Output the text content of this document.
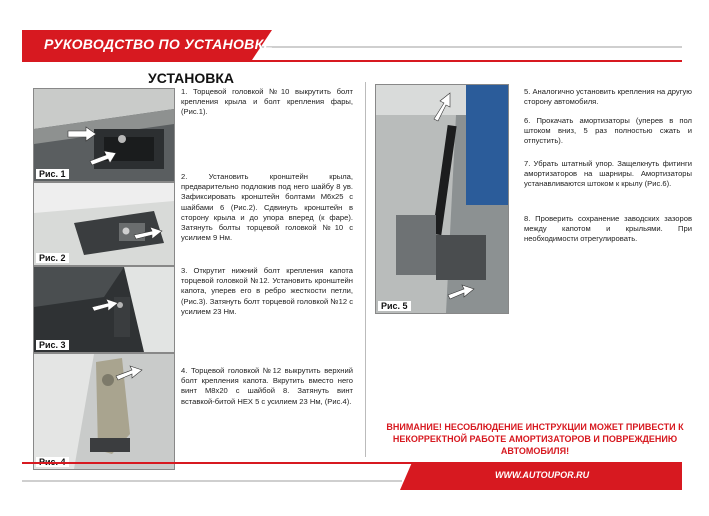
РУКОВОДСТВО ПО УСТАНОВКЕ
УСТАНОВКА
Рис. 1
Рис. 2
Рис. 3
Рис. 5
1. Торцевой головкой №10 выкрутить болт крепления крыла и болт крепления фары, (Рис.1).
2. Установить кронштейн крыла, предварительно подложив под него шайбу 8 ув. Зафиксировать кронштейн болтами М6х25 с шайбами 6 (Рис.2). Сдвинуть кронштейн в сторону крыла и до упора вперед (к фаре). Затянуть болты торцевой головкой №10 с усилием 9 Нм.
3. Открутит нижний болт крепления капота торцевой головкой №12. Установить кронштейн капота, уперев его в ребро жесткости петли, (Рис.3). Затянуть болт торцевой головкой №12 с усилием 23 Нм.
4. Торцевой головкой №12 выкрутить верхний болт крепления капота. Вкрутить вместо него винт М8х20 с шайбой 8. Затянуть винт вставкой-битой HEX 5 с усилием 23 Нм, (Рис.4).
5. Аналогично установить крепления на другую сторону автомобиля.
6. Прокачать амортизаторы (уперев в пол штоком вниз, 5 раз полностью сжать и отпустить).
7. Убрать штатный упор. Защелкнуть фитинги амортизаторов на шарниры. Амортизаторы устанавливаются штоком к крылу (Рис.6).
8. Проверить сохранение заводских зазоров между капотом и крыльями. При необходимости отрегулировать.
ВНИМАНИЕ! НЕСОБЛЮДЕНИЕ ИНСТРУКЦИИ МОЖЕТ ПРИВЕСТИ К НЕКОРРЕКТНОЙ РАБОТЕ АМОРТИЗАТОРОВ И ПОВРЕЖДЕНИЮ АВТОМОБИЛЯ!
WWW.AUTOUPOR.RU
